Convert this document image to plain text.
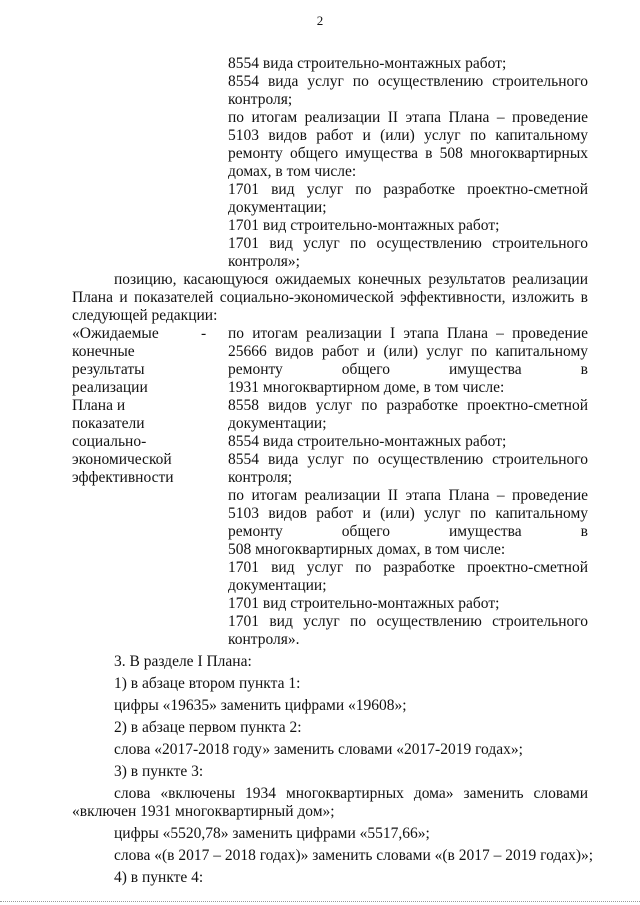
2
8554 вида строительно-монтажных работ;
8554 вида услуг по осуществлению строительного
контроля;
по итогам реализации II этапа Плана – проведение
5103 видов работ и (или) услуг по капитальному
ремонту общего имущества в 508 многоквартирных
домах, в том числе:
1701 вид услуг по разработке проектно-сметной
документации;
1701 вид строительно-монтажных работ;
1701 вид услуг по осуществлению строительного
контроля»;
позицию, касающуюся ожидаемых конечных результатов реализации
Плана и показателей социально-экономической эффективности, изложить в
следующей редакции:
«Ожидаемые	-
конечные
результаты
реализации
Плана и
показатели
социально-
экономической
эффективности
по итогам реализации I этапа Плана – проведение
25666 видов работ и (или) услуг по капитальному
ремонту общего имущества в
1931 многоквартирном доме, в том числе:
8558 видов услуг по разработке проектно-сметной
документации;
8554 вида строительно-монтажных работ;
8554 вида услуг по осуществлению строительного
контроля;
по итогам реализации II этапа Плана – проведение
5103 видов работ и (или) услуг по капитальному
ремонту общего имущества в
508 многоквартирных домах, в том числе:
1701 вид услуг по разработке проектно-сметной
документации;
1701 вид строительно-монтажных работ;
1701 вид услуг по осуществлению строительного
контроля».
3. В разделе I Плана:
1) в абзаце втором пункта 1:
цифры «19635» заменить цифрами «19608»;
2) в абзаце первом пункта 2:
слова «2017-2018 году» заменить словами «2017-2019 годах»;
3) в пункте 3:
слова «включены 1934 многоквартирных дома» заменить словами
«включен 1931 многоквартирный дом»;
цифры «5520,78» заменить цифрами «5517,66»;
слова «(в 2017 – 2018 годах)» заменить словами «(в 2017 – 2019 годах)»;
4) в пункте 4:
